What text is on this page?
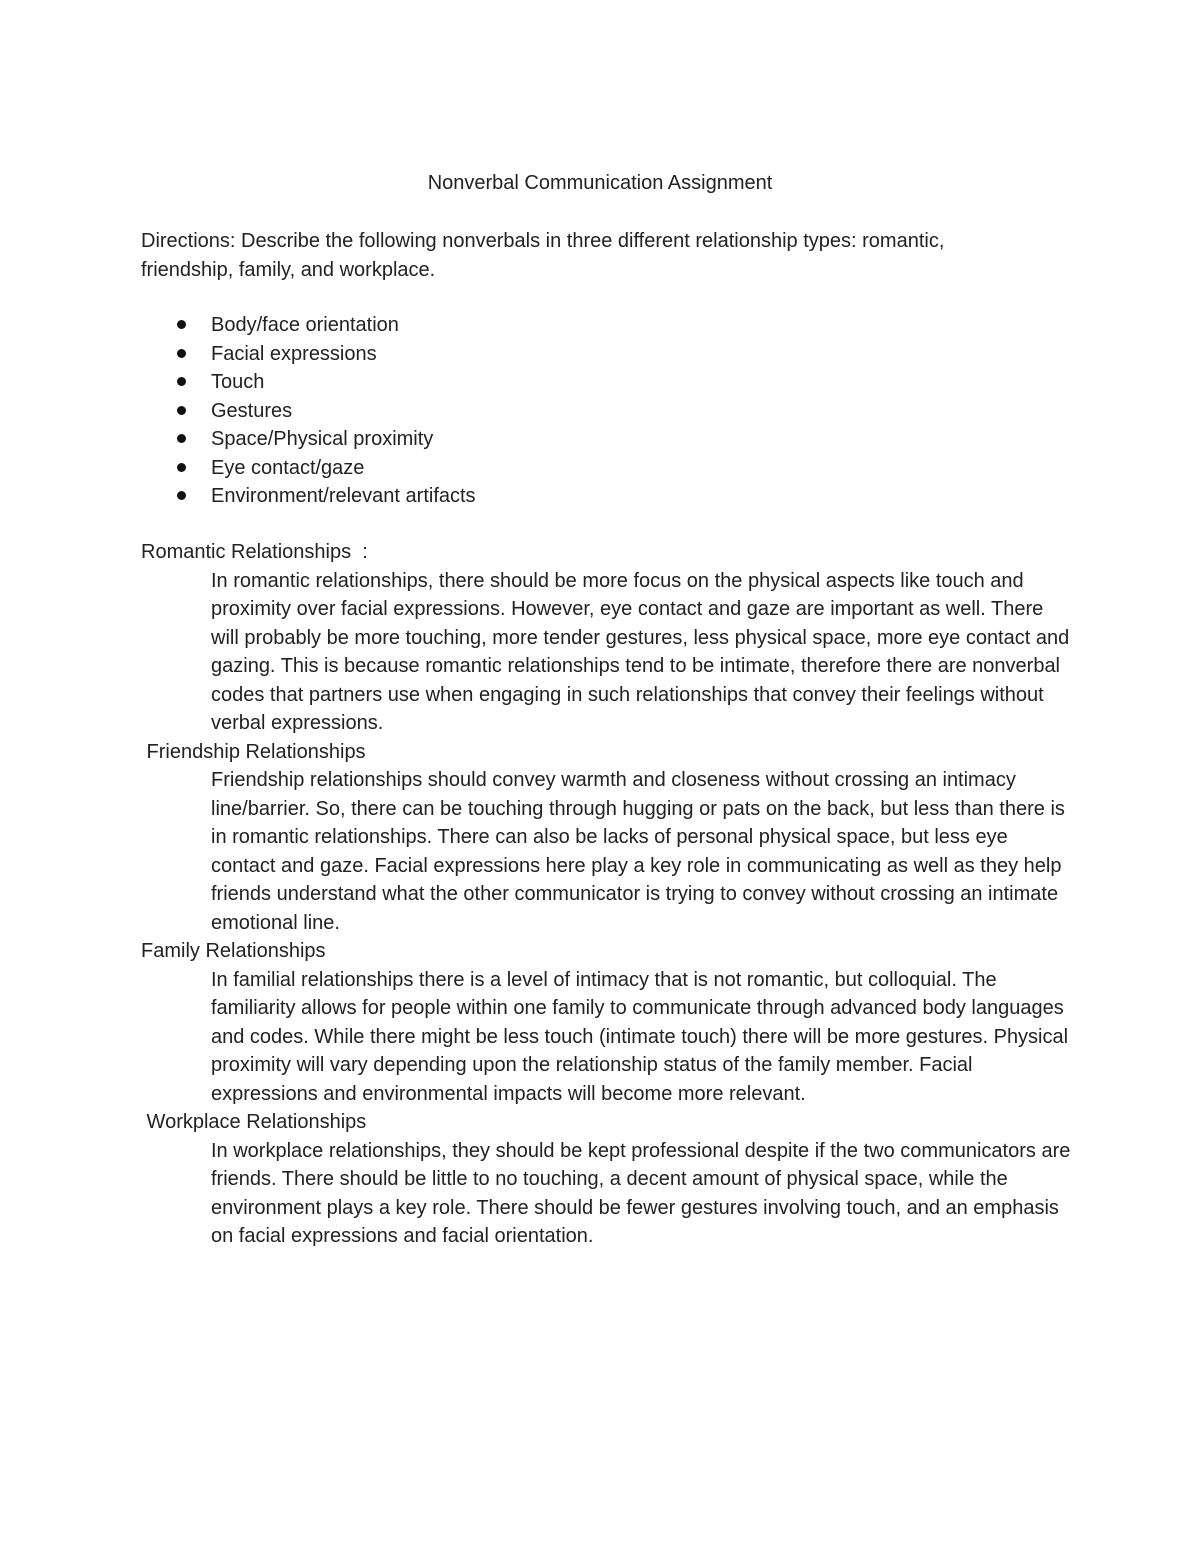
Nonverbal Communication Assignment
Directions: Describe the following nonverbals in three different relationship types: romantic, friendship, family, and workplace.
Body/face orientation
Facial expressions
Touch
Gestures
Space/Physical proximity
Eye contact/gaze
Environment/relevant artifacts

Romantic Relationships  :

In romantic relationships, there should be more focus on the physical aspects like touch and proximity over facial expressions. However, eye contact and gaze are important as well. There will probably be more touching, more tender gestures, less physical space, more eye contact and gazing. This is because romantic relationships tend to be intimate, therefore there are nonverbal codes that partners use when engaging in such relationships that convey their feelings without verbal expressions.

Friendship Relationships

Friendship relationships should convey warmth and closeness without crossing an intimacy line/barrier. So, there can be touching through hugging or pats on the back, but less than there is in romantic relationships. There can also be lacks of personal physical space, but less eye contact and gaze. Facial expressions here play a key role in communicating as well as they help friends understand what the other communicator is trying to convey without crossing an intimate emotional line.

Family Relationships

In familial relationships there is a level of intimacy that is not romantic, but colloquial. The familiarity allows for people within one family to communicate through advanced body languages and codes. While there might be less touch (intimate touch) there will be more gestures. Physical proximity will vary depending upon the relationship status of the family member. Facial expressions and environmental impacts will become more relevant.

Workplace Relationships

In workplace relationships, they should be kept professional despite if the two communicators are friends. There should be little to no touching, a decent amount of physical space, while the environment plays a key role. There should be fewer gestures involving touch, and an emphasis on facial expressions and facial orientation.
